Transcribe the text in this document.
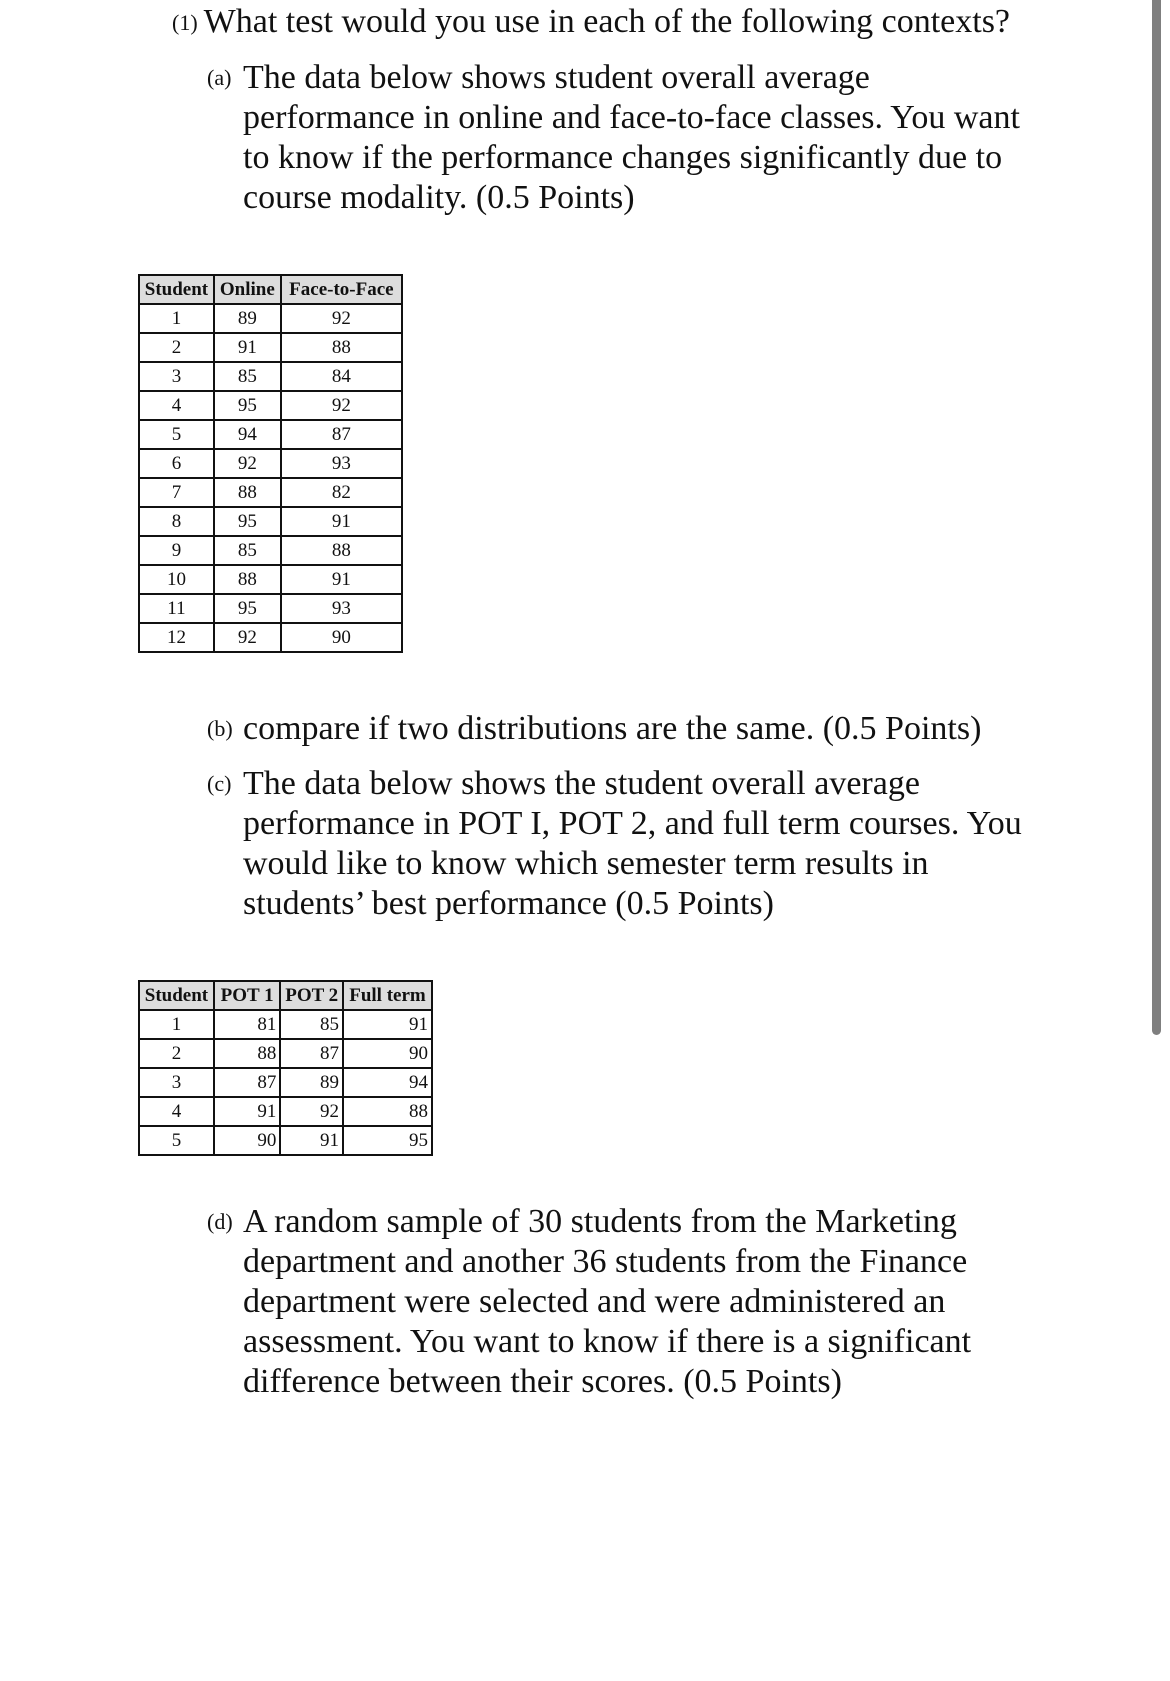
(1) What test would you use in each of the following contexts?
(a) The data below shows student overall average
performance in online and face-to-face classes. You want
to know if the performance changes significantly due to
course modality. (0.5 Points)
Student	Online	Face-to-Face
1	89	92
2	91	88
3	85	84
4	95	92
5	94	87
6	92	93
7	88	82
8	95	91
9	85	88
10	88	91
11	95	93
12	92	90
(b) compare if two distributions are the same. (0.5 Points)
(c) The data below shows the student overall average
performance in POT I, POT 2, and full term courses. You
would like to know which semester term results in
students’ best performance (0.5 Points)
Student	POT 1	POT 2	Full term
1	81	85	91
2	88	87	90
3	87	89	94
4	91	92	88
5	90	91	95
(d) A random sample of 30 students from the Marketing
department and another 36 students from the Finance
department were selected and were administered an
assessment. You want to know if there is a significant
difference between their scores. (0.5 Points)
